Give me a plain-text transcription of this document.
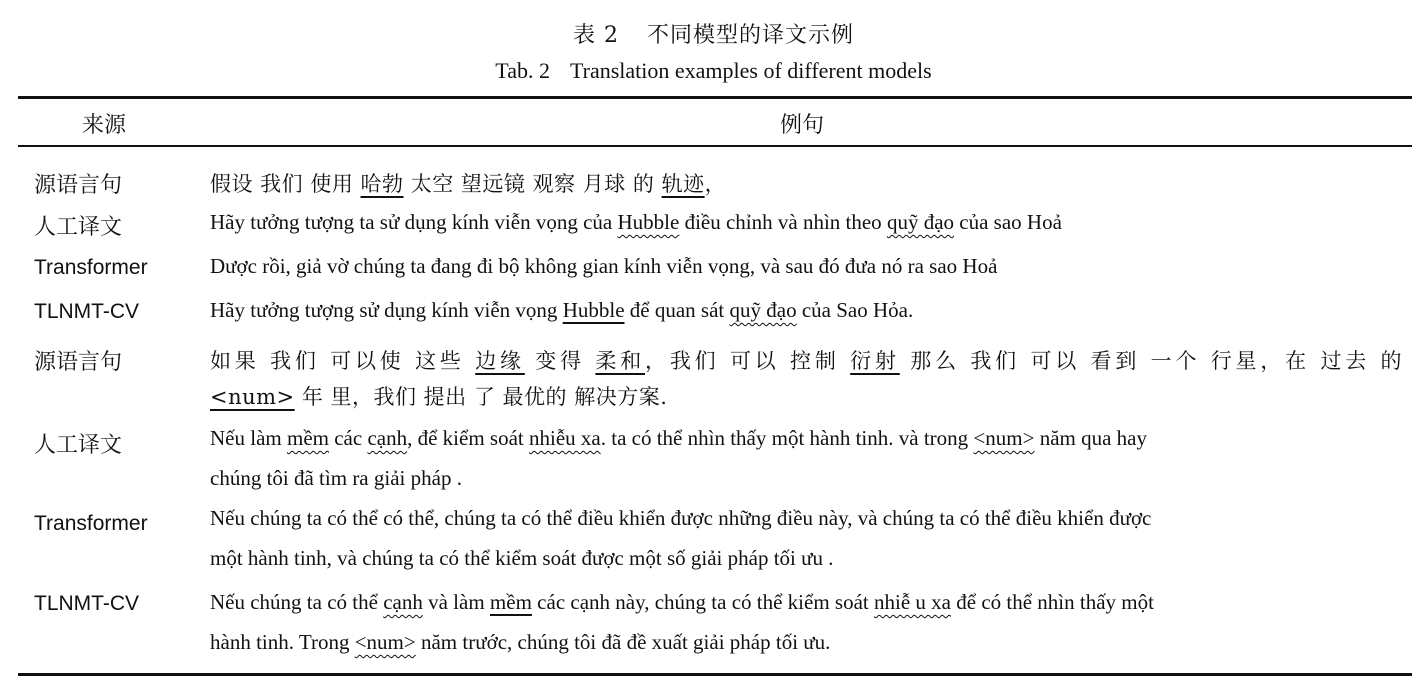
表 2 不同模型的译文示例
Tab. 2 Translation examples of different models
来源	例句
源语言句	假设 我们 使用 哈勃 太空 望远镜 观察 月球 的 轨迹，
人工译文	Hãy tưởng tượng ta sử dụng kính viễn vọng của Hubble điều chỉnh và nhìn theo quỹ đạo của sao Hoả
Transformer	Dược rồi, giả vờ chúng ta đang đi bộ không gian kính viễn vọng, và sau đó đưa nó ra sao Hoả
TLNMT-CV	Hãy tưởng tượng sử dụng kính viễn vọng Hubble để quan sát quỹ đạo của Sao Hỏa.
源语言句	如果 我们 可以使 这些 边缘 变得 柔和，我们 可以 控制 衍射 那么 我们 可以 看到 一个 行星，在 过去 的
<num> 年 里，我们 提出 了 最优的 解决方案.
人工译文	Nếu làm mềm các cạnh, để kiểm soát nhiễu xa. ta có thể nhìn thấy một hành tinh. và trong <num> năm qua hay
chúng tôi đã tìm ra giải pháp .
Transformer	Nếu chúng ta có thể có thể, chúng ta có thể điều khiển được những điều này, và chúng ta có thể điều khiển được
một hành tinh, và chúng ta có thể kiểm soát được một số giải pháp tối ưu .
TLNMT-CV	Nếu chúng ta có thể cạnh và làm mềm các cạnh này, chúng ta có thể kiểm soát nhiễ u xa để có thể nhìn thấy một
hành tinh. Trong <num> năm trước, chúng tôi đã đề xuất giải pháp tối ưu.
